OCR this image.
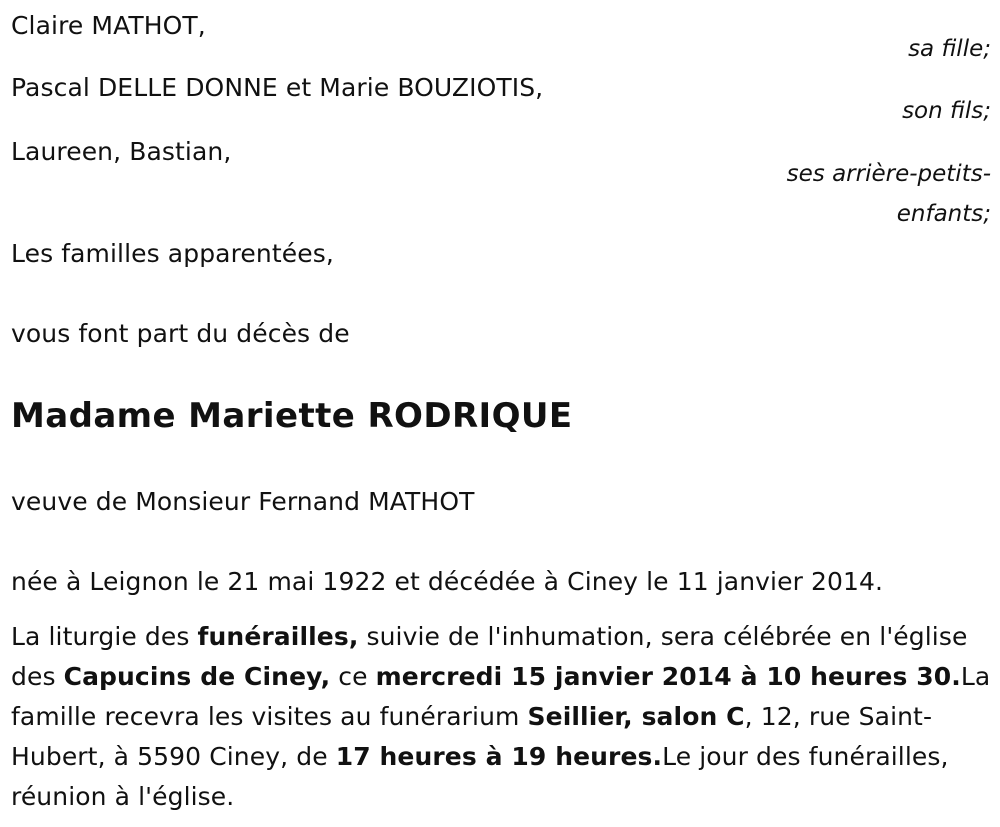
Claire MATHOT,
sa fille;
Pascal DELLE DONNE et Marie BOUZIOTIS,
son fils;
Laureen, Bastian,
ses arrière-petits-
enfants;
Les familles apparentées,
vous font part du décès de
Madame Mariette RODRIQUE
veuve de Monsieur Fernand MATHOT
née à Leignon le 21 mai 1922 et décédée à Ciney le 11 janvier 2014.
La liturgie des funérailles, suivie de l'inhumation, sera célébrée en l'église des Capucins de Ciney, ce mercredi 15 janvier 2014 à 10 heures 30.La famille recevra les visites au funérarium Seillier, salon C, 12, rue Saint-Hubert, à 5590 Ciney, de 17 heures à 19 heures.Le jour des funérailles, réunion à l'église.
